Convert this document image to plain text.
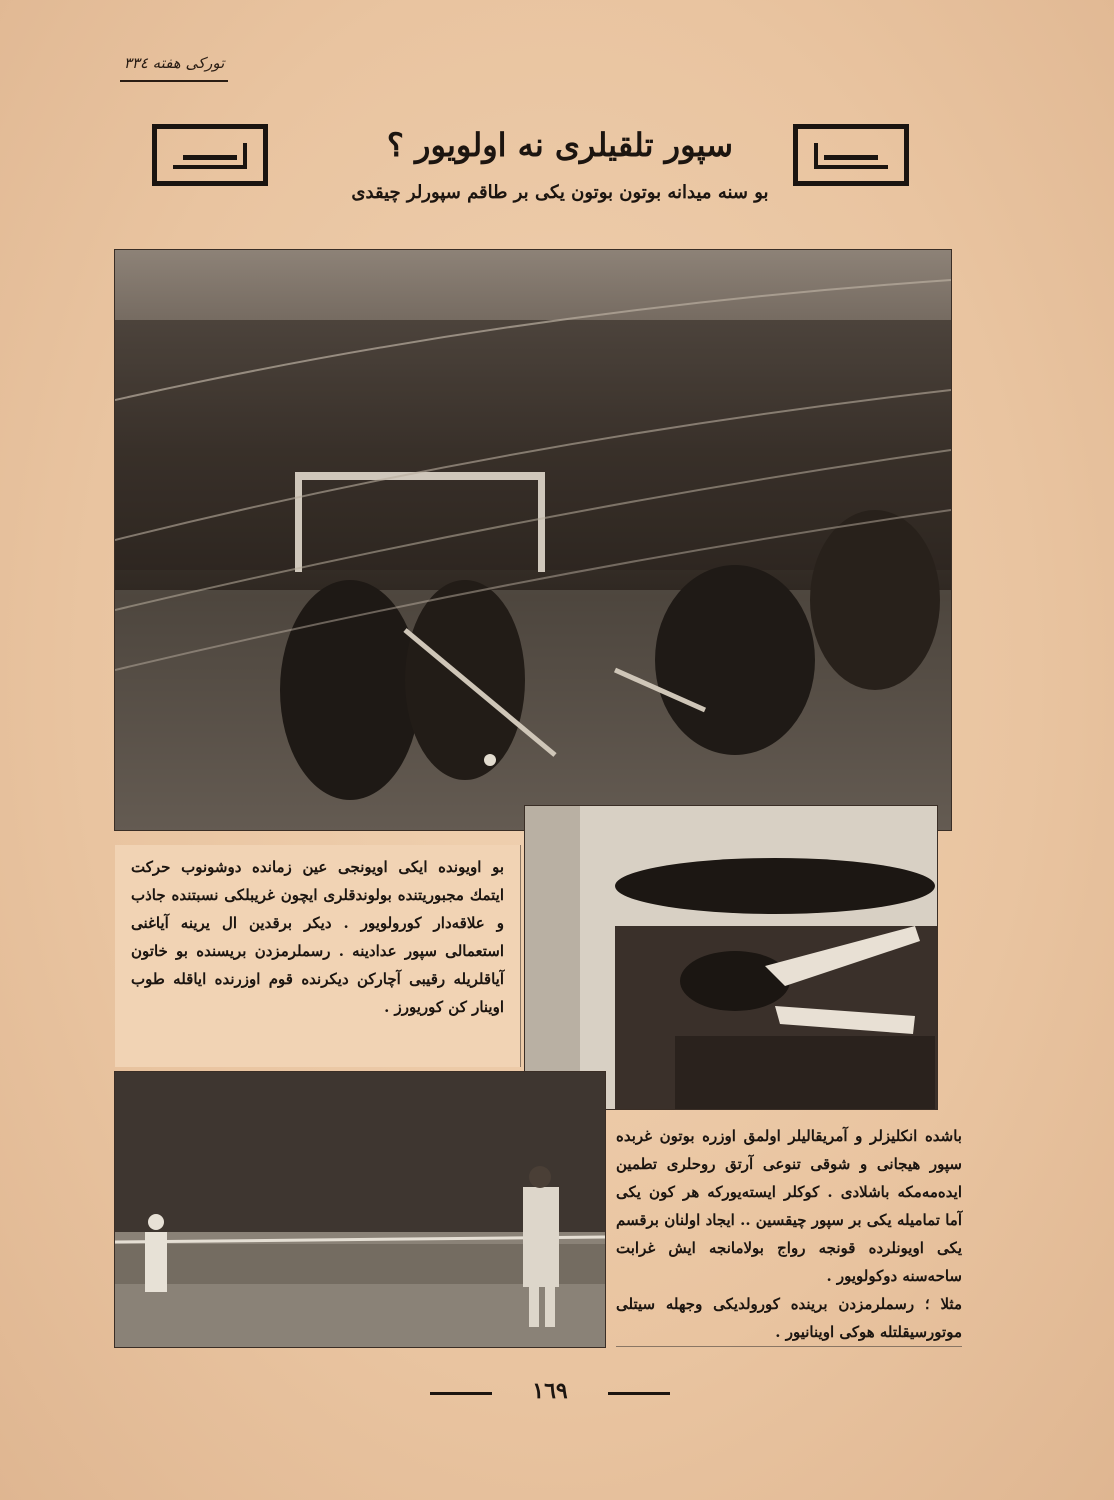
توركى هفته ٣٣٤
سپور تلقيلرى نه اولويور ؟
بو سنه ميدانه بوتون بوتون يكى بر طاقم سپورلر چيقدى
بو اويونده ايكى اويونجى عين زمانده دوشونوب حركت ايتمك مجبوريتنده بولوندقلرى ايچون غريبلكى نسبتنده جاذب و علاقه‌دار كورولويور . ديكر برقدين ال يرينه آياغنى استعمالى سپور عدادينه . رسملرمزدن بريسنده بو خاتون آياقلريله رقيبى آچاركن ديكرنده قوم اوزرنده اياقله طوب اوينار كن كوريورز .
باشده انكليزلر و آمريقاليلر اولمق اوزره بوتون غربده سپور هيجانى و شوقى تنوعى آرتق روحلرى تطمين ايده‌مه‌مكه باشلادى . كوكلر ايسته‌يوركه هر كون يكى آما تماميله يكى بر سپور چيقسين .. ايجاد اولنان برقسم يكى اويونلرده قونجه رواج بولامانجه ايش غرابت ساحه‌سنه دوكولويور .
مثلا ؛ رسملرمزدن برينده كورولديكى وجهله سيتلى موتورسيقلتله هوكى اوينانيور .
١٦٩
